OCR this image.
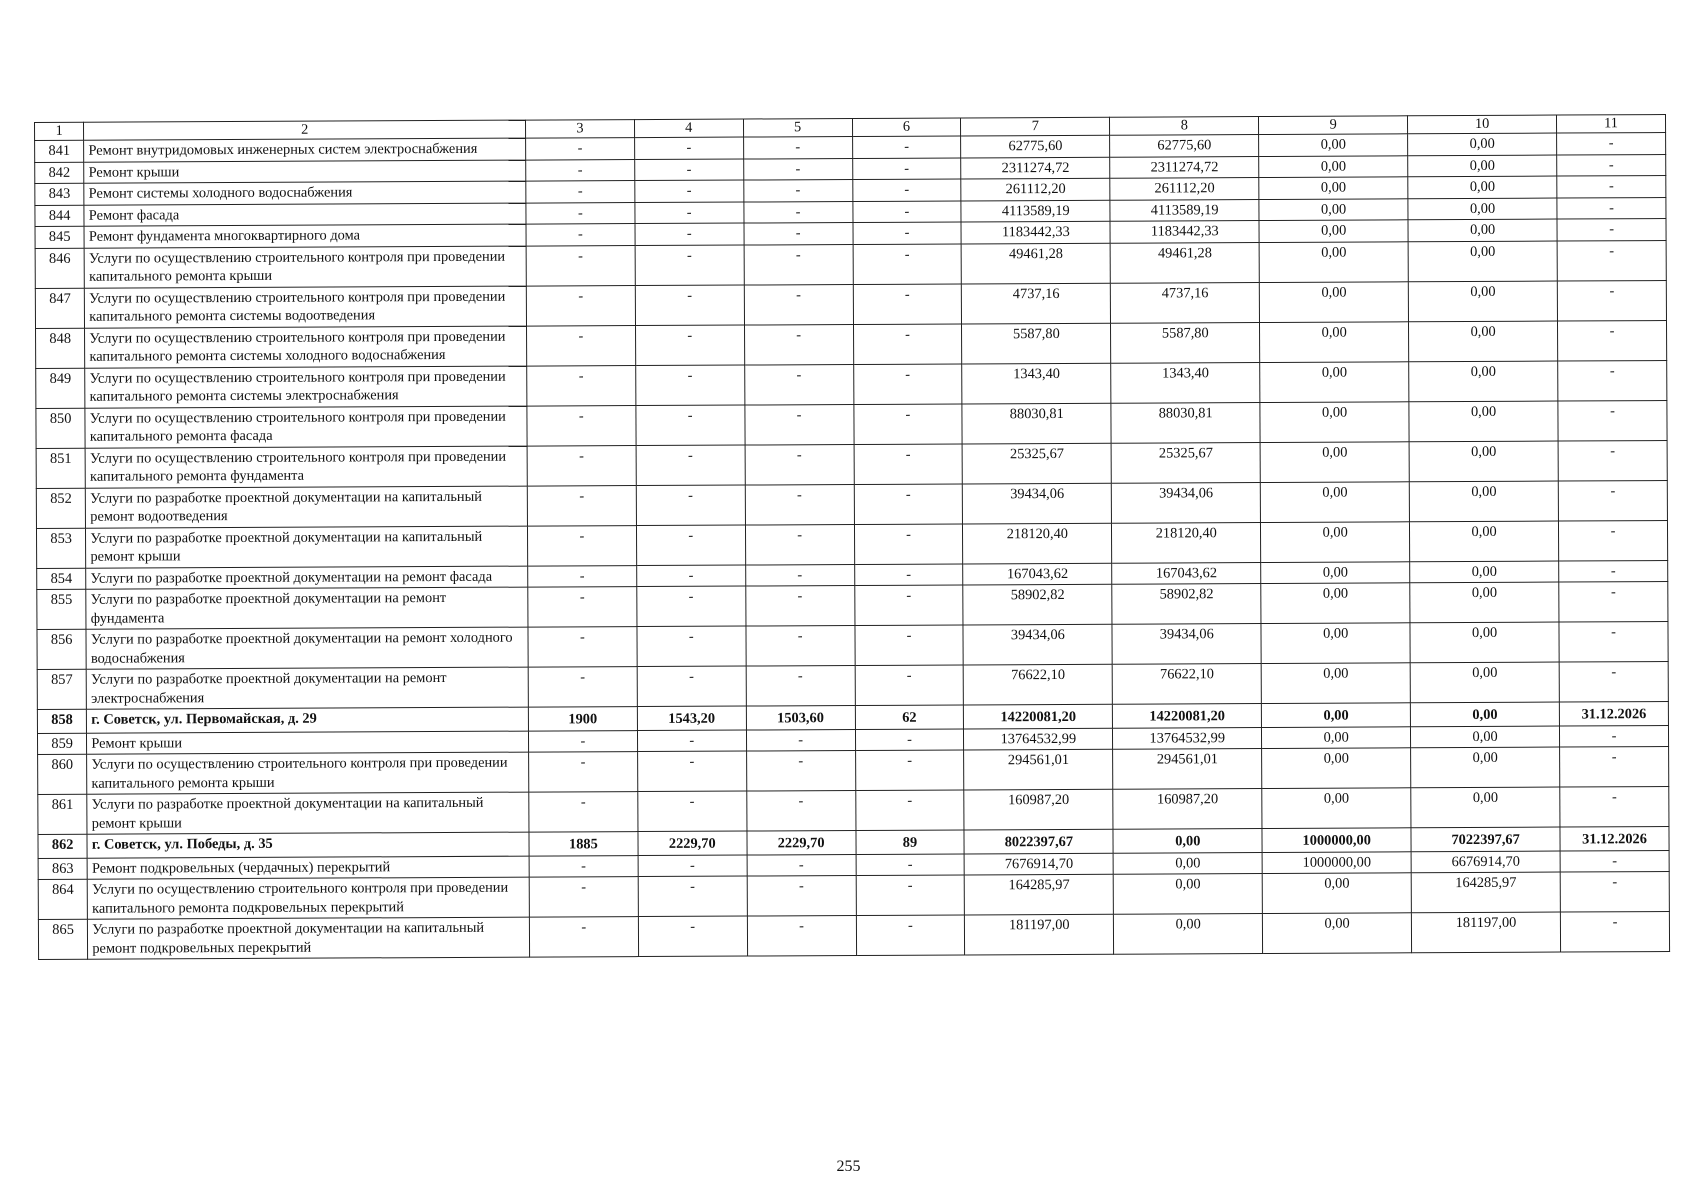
1	2	3	4	5	6	7	8	9	10	11
841	Ремонт внутридомовых инженерных систем электроснабжения	-	-	-	-	62775,60	62775,60	0,00	0,00	-
842	Ремонт крыши	-	-	-	-	2311274,72	2311274,72	0,00	0,00	-
843	Ремонт системы холодного водоснабжения	-	-	-	-	261112,20	261112,20	0,00	0,00	-
844	Ремонт фасада	-	-	-	-	4113589,19	4113589,19	0,00	0,00	-
845	Ремонт фундамента многоквартирного дома	-	-	-	-	1183442,33	1183442,33	0,00	0,00	-
846	Услуги по осуществлению строительного контроля при проведении капитального ремонта крыши	-	-	-	-	49461,28	49461,28	0,00	0,00	-
847	Услуги по осуществлению строительного контроля при проведении капитального ремонта системы водоотведения	-	-	-	-	4737,16	4737,16	0,00	0,00	-
848	Услуги по осуществлению строительного контроля при проведении капитального ремонта системы холодного водоснабжения	-	-	-	-	5587,80	5587,80	0,00	0,00	-
849	Услуги по осуществлению строительного контроля при проведении капитального ремонта системы электроснабжения	-	-	-	-	1343,40	1343,40	0,00	0,00	-
850	Услуги по осуществлению строительного контроля при проведении капитального ремонта фасада	-	-	-	-	88030,81	88030,81	0,00	0,00	-
851	Услуги по осуществлению строительного контроля при проведении капитального ремонта фундамента	-	-	-	-	25325,67	25325,67	0,00	0,00	-
852	Услуги по разработке проектной документации на капитальный ремонт водоотведения	-	-	-	-	39434,06	39434,06	0,00	0,00	-
853	Услуги по разработке проектной документации на капитальный ремонт крыши	-	-	-	-	218120,40	218120,40	0,00	0,00	-
854	Услуги по разработке проектной документации на ремонт фасада	-	-	-	-	167043,62	167043,62	0,00	0,00	-
855	Услуги по разработке проектной документации на ремонт фундамента	-	-	-	-	58902,82	58902,82	0,00	0,00	-
856	Услуги по разработке проектной документации на ремонт холодного водоснабжения	-	-	-	-	39434,06	39434,06	0,00	0,00	-
857	Услуги по разработке проектной документации на ремонт электроснабжения	-	-	-	-	76622,10	76622,10	0,00	0,00	-
858	г. Советск, ул. Первомайская, д. 29	1900	1543,20	1503,60	62	14220081,20	14220081,20	0,00	0,00	31.12.2026
859	Ремонт крыши	-	-	-	-	13764532,99	13764532,99	0,00	0,00	-
860	Услуги по осуществлению строительного контроля при проведении капитального ремонта крыши	-	-	-	-	294561,01	294561,01	0,00	0,00	-
861	Услуги по разработке проектной документации на капитальный ремонт крыши	-	-	-	-	160987,20	160987,20	0,00	0,00	-
862	г. Советск, ул. Победы, д. 35	1885	2229,70	2229,70	89	8022397,67	0,00	1000000,00	7022397,67	31.12.2026
863	Ремонт подкровельных (чердачных) перекрытий	-	-	-	-	7676914,70	0,00	1000000,00	6676914,70	-
864	Услуги по осуществлению строительного контроля при проведении капитального ремонта подкровельных перекрытий	-	-	-	-	164285,97	0,00	0,00	164285,97	-
865	Услуги по разработке проектной документации на капитальный ремонт подкровельных перекрытий	-	-	-	-	181197,00	0,00	0,00	181197,00	-
255
